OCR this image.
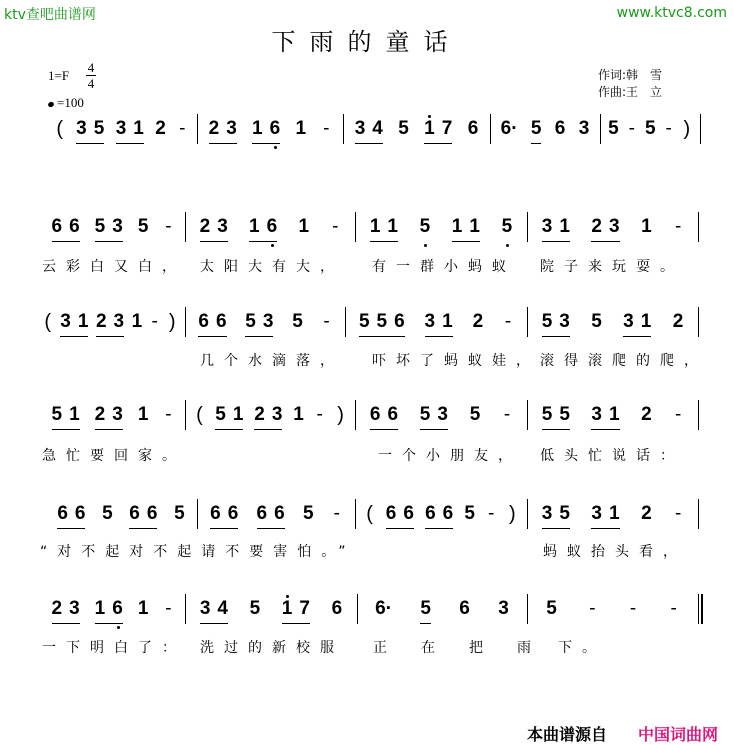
ktv查吧曲谱网	www.ktvc8.com
下雨的童话
$1=F \frac{4}{4}$
=100
作词:韩　雪
作曲:王　立
( 3 5 3 1 2 - 2 3 1 6 1 - 3 4 5 1 7 6 6· 5 6 3 5 - 5 - )
6 6 5 3 5 - 2 3 1 6 1 - 1 1 5 1 1 5 3 1 2 3 1 -
云彩白又白， 太阳大有大， 有一群小蚂蚁 院子来玩耍。
( 3 1 2 3 1 - ) 6 6 5 3 5 - 5 5 6 3 1 2 - 5 3 5 3 1 2
几个水滴落， 吓坏了蚂蚁娃， 滚得滚爬的爬，
5 1 2 3 1 - ( 5 1 2 3 1 - ) 6 6 5 3 5 - 5 5 3 1 2 -
急忙要回家。	一个小朋友， 低头忙说话：
6 6 5 6 6 5 6 6 6 6 5 - ( 6 6 6 6 5 - ) 3 5 3 1 2 -
“对不起对不起请不要害怕。”	蚂蚁抬头看，
2 3 1 6 1 - 3 4 5 1 7 6 6· 5 6 3 5 - - -
一下明白了： 洗过的新校服 正　在　把　雨 下。
本曲谱源自 中国词曲网
